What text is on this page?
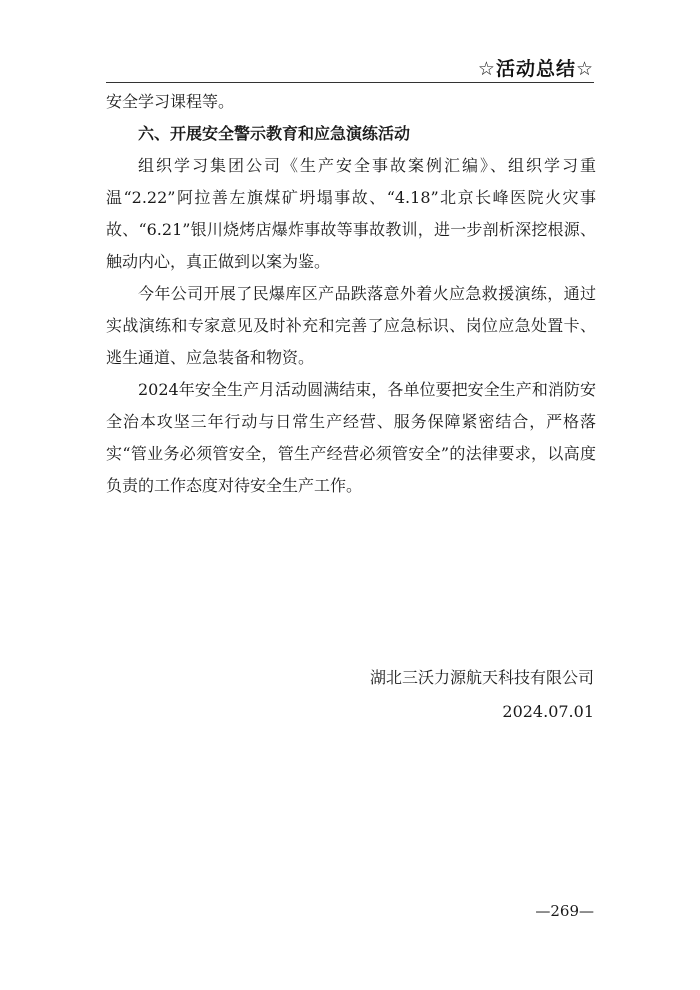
☆活动总结☆

安全学习课程等。

六、开展安全警示教育和应急演练活动

组织学习集团公司《生产安全事故案例汇编》、组织学习重温“2.22”阿拉善左旗煤矿坍塌事故、“4.18”北京长峰医院火灾事故、“6.21”银川烧烤店爆炸事故等事故教训，进一步剖析深挖根源、触动内心，真正做到以案为鉴。

今年公司开展了民爆库区产品跌落意外着火应急救援演练，通过实战演练和专家意见及时补充和完善了应急标识、岗位应急处置卡、逃生通道、应急装备和物资。

2024年安全生产月活动圆满结束，各单位要把安全生产和消防安全治本攻坚三年行动与日常生产经营、服务保障紧密结合，严格落实“管业务必须管安全，管生产经营必须管安全”的法律要求，以高度负责的工作态度对待安全生产工作。

湖北三沃力源航天科技有限公司
2024.07.01
—269—
